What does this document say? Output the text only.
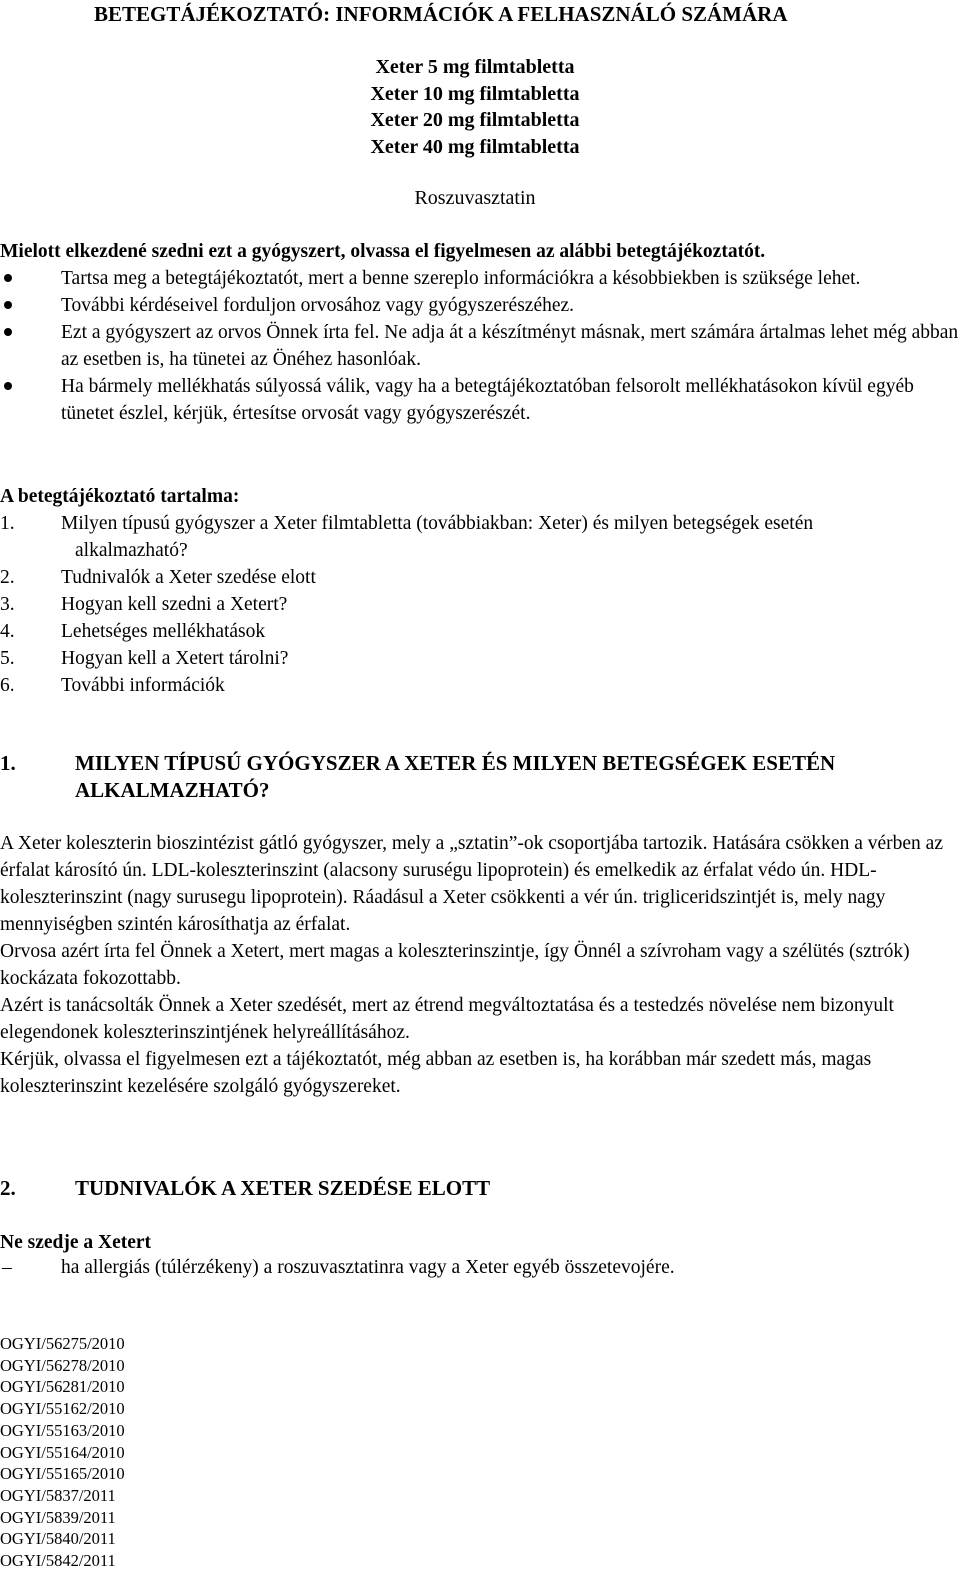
BETEGTÁJÉKOZTATÓ: INFORMÁCIÓK A FELHASZNÁLÓ SZÁMÁRA
Xeter 5 mg filmtabletta
Xeter 10 mg filmtabletta
Xeter 20 mg filmtabletta
Xeter 40 mg filmtabletta
Roszuvasztatin
Mielott elkezdené szedni ezt a gyógyszert, olvassa el figyelmesen az alábbi betegtájékoztatót.
Tartsa meg a betegtájékoztatót, mert a benne szereplo információkra a késobbiekben is szüksége lehet.
További kérdéseivel forduljon orvosához vagy gyógyszerészéhez.
Ezt a gyógyszert az orvos Önnek írta fel. Ne adja át a készítményt másnak, mert számára ártalmas lehet még abban az esetben is, ha tünetei az Önéhez hasonlóak.
Ha bármely mellékhatás súlyossá válik, vagy ha a betegtájékoztatóban felsorolt mellékhatásokon kívül egyéb tünetet észlel, kérjük, értesítse orvosát vagy gyógyszerészét.
A betegtájékoztató tartalma:
1. Milyen típusú gyógyszer a Xeter filmtabletta (továbbiakban: Xeter) és milyen betegségek esetén
alkalmazható?
2. Tudnivalók a Xeter szedése elott
3. Hogyan kell szedni a Xetert?
4. Lehetséges mellékhatások
5. Hogyan kell a Xetert tárolni?
6. További információk
1.	MILYEN TÍPUSÚ GYÓGYSZER A XETER ÉS MILYEN BETEGSÉGEK ESETÉN ALKALMAZHATÓ?
A Xeter koleszterin bioszintézist gátló gyógyszer, mely a „sztatin”-ok csoportjába tartozik. Hatására csökken a vérben az érfalat károsító ún. LDL-koleszterinszint (alacsony suruségu lipoprotein) és emelkedik az érfalat védo ún. HDL-koleszterinszint (nagy surusegu lipoprotein). Ráadásul a Xeter csökkenti a vér ún. trigliceridszintjét is, mely nagy mennyiségben szintén károsíthatja az érfalat.
Orvosa azért írta fel Önnek a Xetert, mert magas a koleszterinszintje, így Önnél a szívroham vagy a szélütés (sztrók) kockázata fokozottabb.
Azért is tanácsolták Önnek a Xeter szedését, mert az étrend megváltoztatása és a testedzés növelése nem bizonyult elegendonek koleszterinszintjének helyreállításához.
Kérjük, olvassa el figyelmesen ezt a tájékoztatót, még abban az esetben is, ha korábban már szedett más, magas koleszterinszint kezelésére szolgáló gyógyszereket.
2.	TUDNIVALÓK A XETER SZEDÉSE ELOTT
Ne szedje a Xetert
–	ha allergiás (túlérzékeny) a roszuvasztatinra vagy a Xeter egyéb összetevojére.
OGYI/56275/2010
OGYI/56278/2010
OGYI/56281/2010
OGYI/55162/2010
OGYI/55163/2010
OGYI/55164/2010
OGYI/55165/2010
OGYI/5837/2011
OGYI/5839/2011
OGYI/5840/2011
OGYI/5842/2011
